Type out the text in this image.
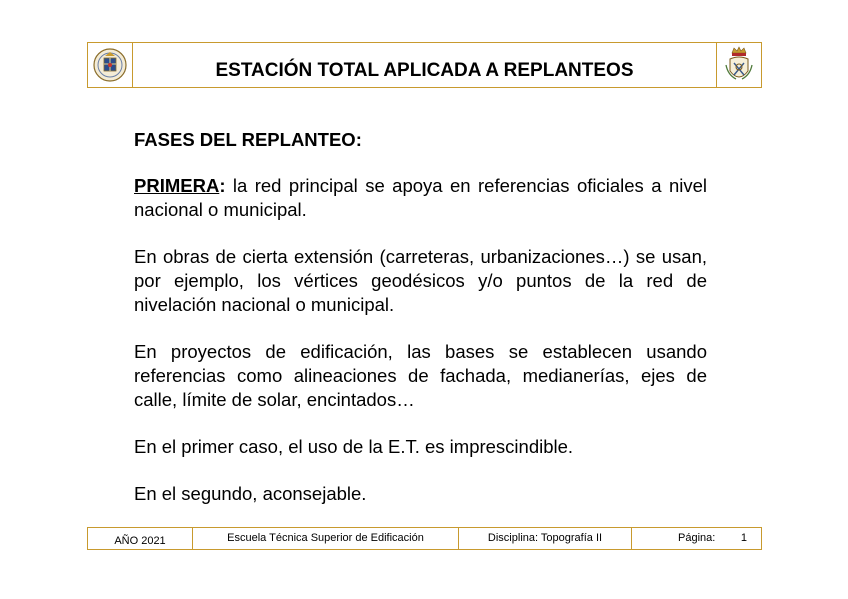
ESTACIÓN TOTAL APLICADA A REPLANTEOS
FASES DEL REPLANTEO:

PRIMERA: la red principal se apoya en referencias oficiales a nivel nacional o municipal.

En obras de cierta extensión (carreteras, urbanizaciones…) se usan, por ejemplo, los vértices geodésicos y/o puntos de la red de nivelación nacional o municipal.

En proyectos de edificación, las bases se establecen usando referencias como alineaciones de fachada, medianerías, ejes de calle, límite de solar, encintados…

En el primer caso, el uso de la E.T. es imprescindible.

En el segundo, aconsejable.

AÑO 2021	Escuela Técnica Superior de Edificación	Disciplina: Topografía II	Página: 1
